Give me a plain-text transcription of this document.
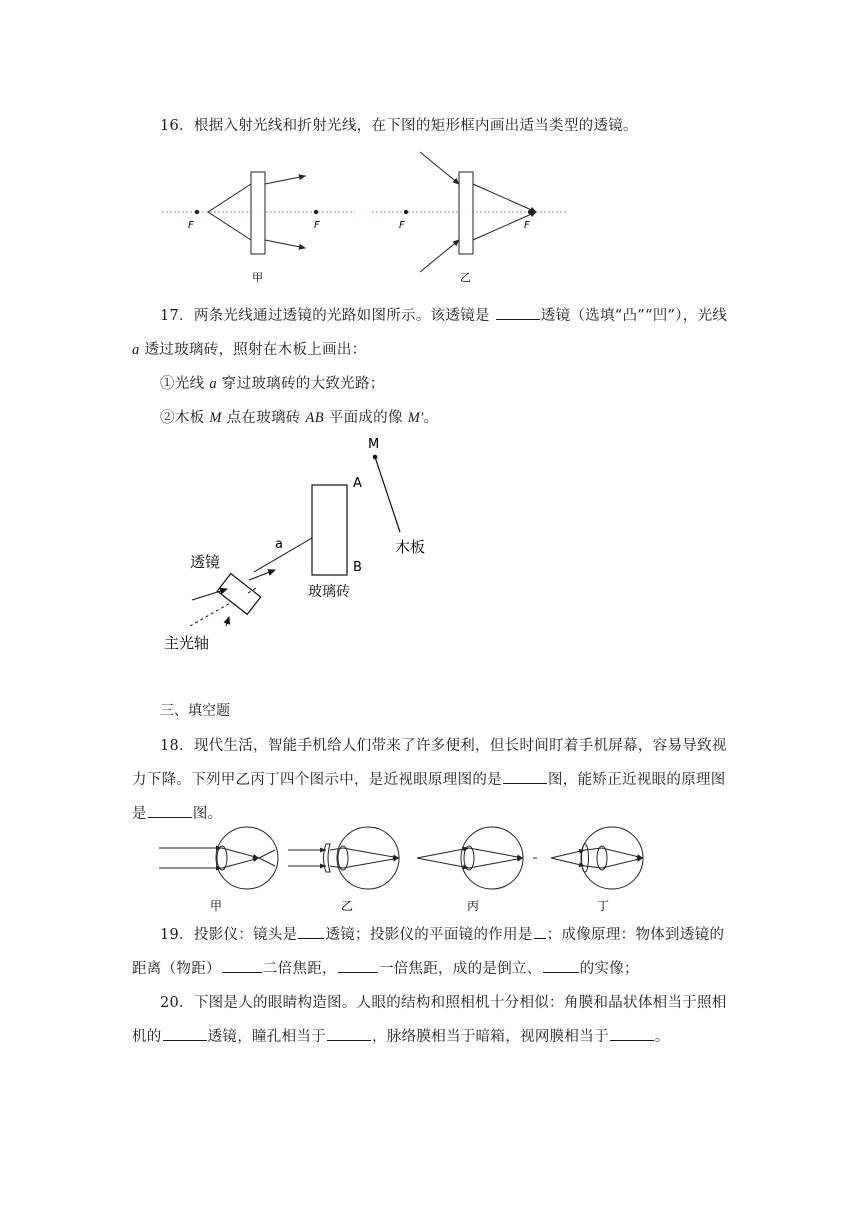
16．根据入射光线和折射光线，在下图的矩形框内画出适当类型的透镜。
F	F
甲
F	F
乙
17．两条光线通过透镜的光路如图所示。该透镜是	透镜（选填“凸”“凹”），光线
a 透过玻璃砖，照射在木板上画出：
①光线 a 穿过玻璃砖的大致光路；
②木板 M 点在玻璃砖 AB 平面成的像 M′。
M
木板
A
B
玻璃砖
a
透镜
主光轴
三、填空题
18．现代生活，智能手机给人们带来了许多便利，但长时间盯着手机屏幕，容易导致视
力下降。下列甲乙丙丁四个图示中，是近视眼原理图的是	图，能矫正近视眼的原理图
是	图。
甲	乙	丙	丁
19．投影仪：镜头是 透镜；投影仪的平面镜的作用是 ；成像原理：物体到透镜的
距离（物距）	二倍焦距，	一倍焦距，成的是倒立、	的实像；
20．下图是人的眼睛构造图。人眼的结构和照相机十分相似：角膜和晶状体相当于照相
机的	透镜，瞳孔相当于	，脉络膜相当于暗箱，视网膜相当于	。
